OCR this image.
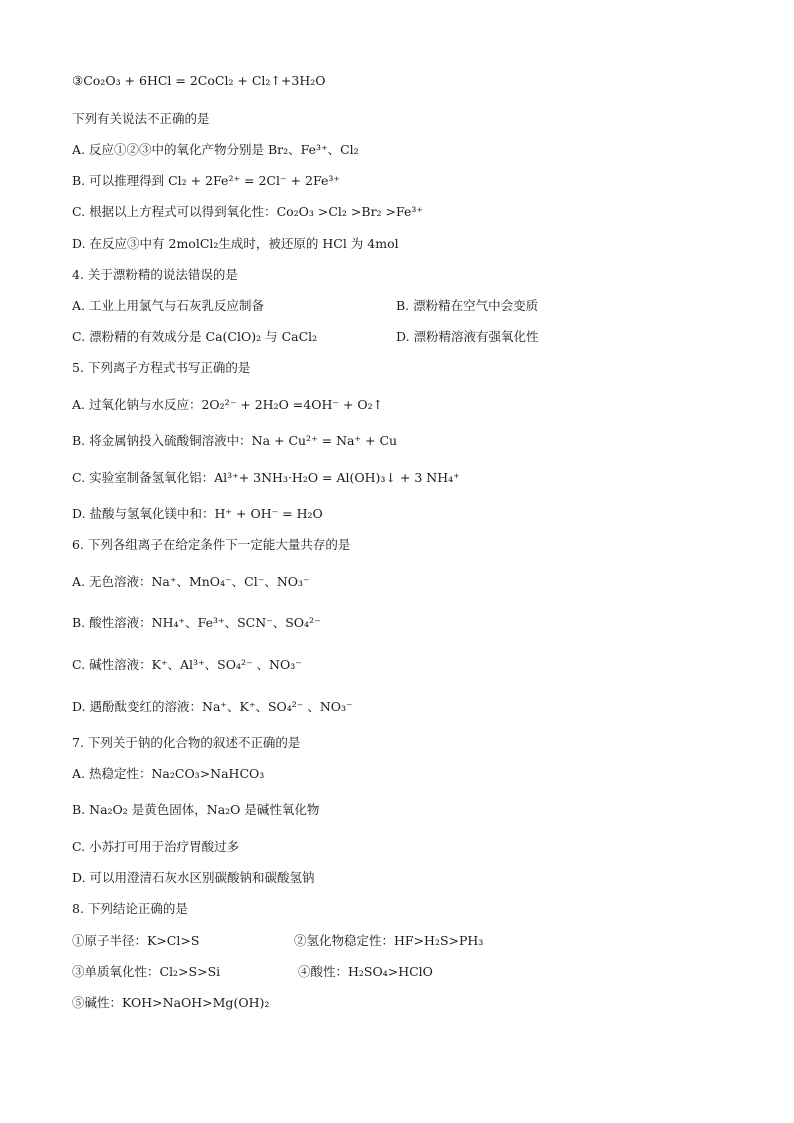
③Co₂O₃ + 6HCl = 2CoCl₂ + Cl₂↑+3H₂O
下列有关说法不正确的是
A. 反应①②③中的氧化产物分别是 Br₂、Fe³⁺、Cl₂
B. 可以推理得到 Cl₂ + 2Fe²⁺ = 2Cl⁻ + 2Fe³⁺
C. 根据以上方程式可以得到氧化性：Co₂O₃ >Cl₂ >Br₂ >Fe³⁺
D. 在反应③中有 2molCl₂生成时，被还原的 HCl 为 4mol
4. 关于漂粉精的说法错误的是
A. 工业上用氯气与石灰乳反应制备	B. 漂粉精在空气中会变质
C. 漂粉精的有效成分是 Ca(ClO)₂ 与 CaCl₂	D. 漂粉精溶液有强氧化性
5. 下列离子方程式书写正确的是
A. 过氧化钠与水反应：2O₂²⁻ + 2H₂O =4OH⁻ + O₂↑
B. 将金属钠投入硫酸铜溶液中：Na + Cu²⁺ = Na⁺ + Cu
C. 实验室制备氢氧化铝：Al³⁺+ 3NH₃·H₂O = Al(OH)₃↓ + 3 NH₄⁺
D. 盐酸与氢氧化镁中和：H⁺ + OH⁻ = H₂O
6. 下列各组离子在给定条件下一定能大量共存的是
A. 无色溶液：Na⁺、MnO₄⁻、Cl⁻、NO₃⁻
B. 酸性溶液：NH₄⁺、Fe³⁺、SCN⁻、SO₄²⁻
C. 碱性溶液：K⁺、Al³⁺、SO₄²⁻ 、NO₃⁻
D. 遇酚酞变红的溶液：Na⁺、K⁺、SO₄²⁻ 、NO₃⁻
7. 下列关于钠的化合物的叙述不正确的是
A. 热稳定性：Na₂CO₃>NaHCO₃
B. Na₂O₂ 是黄色固体，Na₂O 是碱性氧化物
C. 小苏打可用于治疗胃酸过多
D. 可以用澄清石灰水区别碳酸钠和碳酸氢钠
8. 下列结论正确的是
①原子半径：K>Cl>S	②氢化物稳定性：HF>H₂S>PH₃
③单质氧化性：Cl₂>S>Si	④酸性：H₂SO₄>HClO
⑤碱性：KOH>NaOH>Mg(OH)₂
